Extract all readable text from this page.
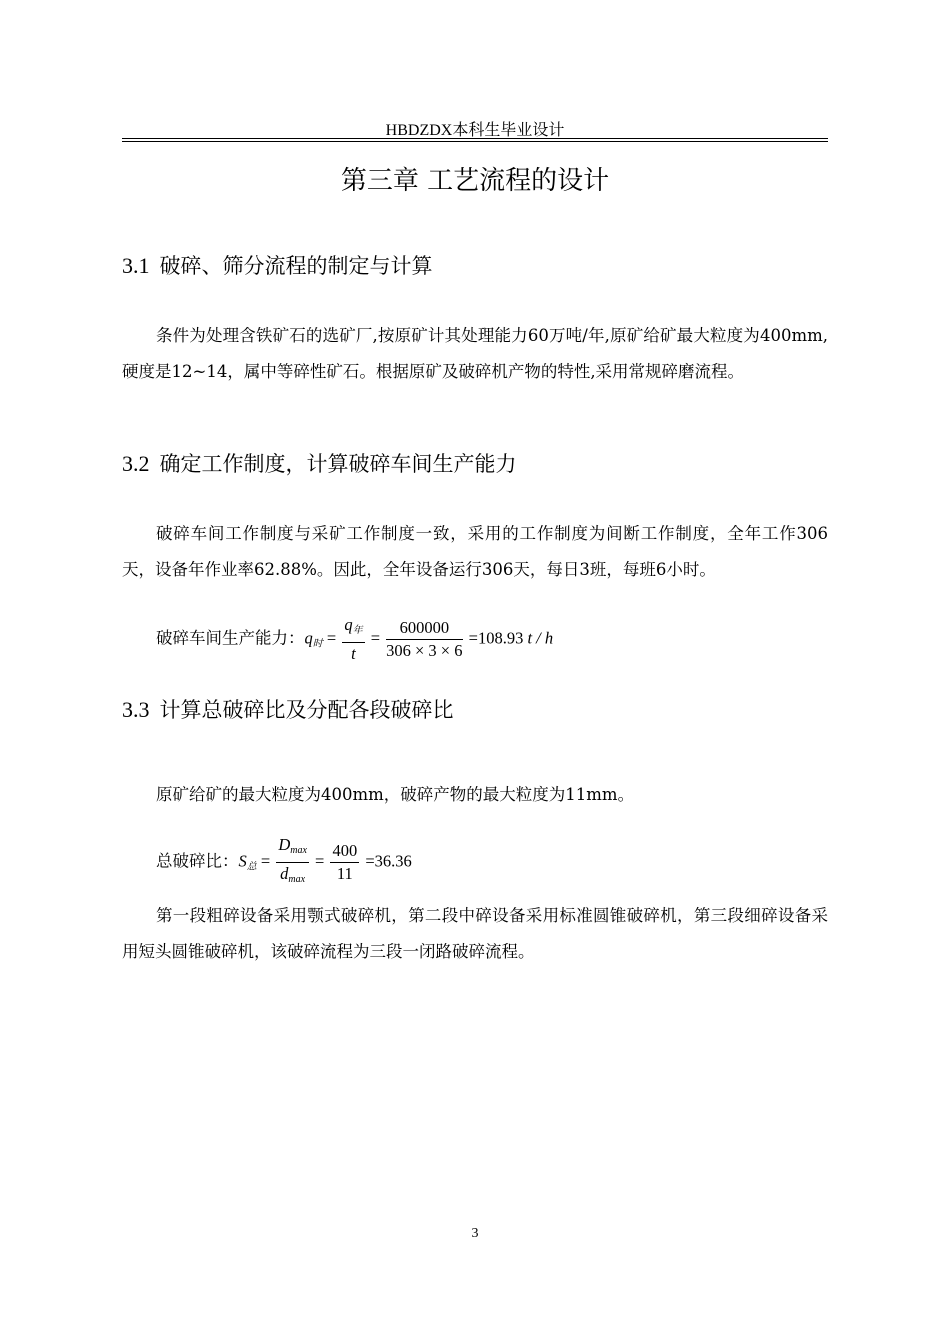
HBDZDX本科生毕业设计
第三章 工艺流程的设计
3.1 破碎、筛分流程的制定与计算
条件为处理含铁矿石的选矿厂,按原矿计其处理能力60万吨/年,原矿给矿最大粒度为400mm,硬度是12~14，属中等碎性矿石。根据原矿及破碎机产物的特性,采用常规碎磨流程。
3.2 确定工作制度，计算破碎车间生产能力
破碎车间工作制度与采矿工作制度一致，采用的工作制度为间断工作制度，全年工作306天，设备年作业率62.88%。因此，全年设备运行306天，每日3班，每班6小时。
破碎车间生产能力：$q_时 = \frac{q_年}{t} = \frac{600000}{306 \times 3 \times 6} =108.93$ t / h
3.3 计算总破碎比及分配各段破碎比
原矿给矿的最大粒度为400mm，破碎产物的最大粒度为11mm。
总破碎比：$S_总 = \frac{D_{max}}{d_{max}} = \frac{400}{11} =36.36$
第一段粗碎设备采用颚式破碎机，第二段中碎设备采用标准圆锥破碎机，第三段细碎设备采用短头圆锥破碎机，该破碎流程为三段一闭路破碎流程。
3
